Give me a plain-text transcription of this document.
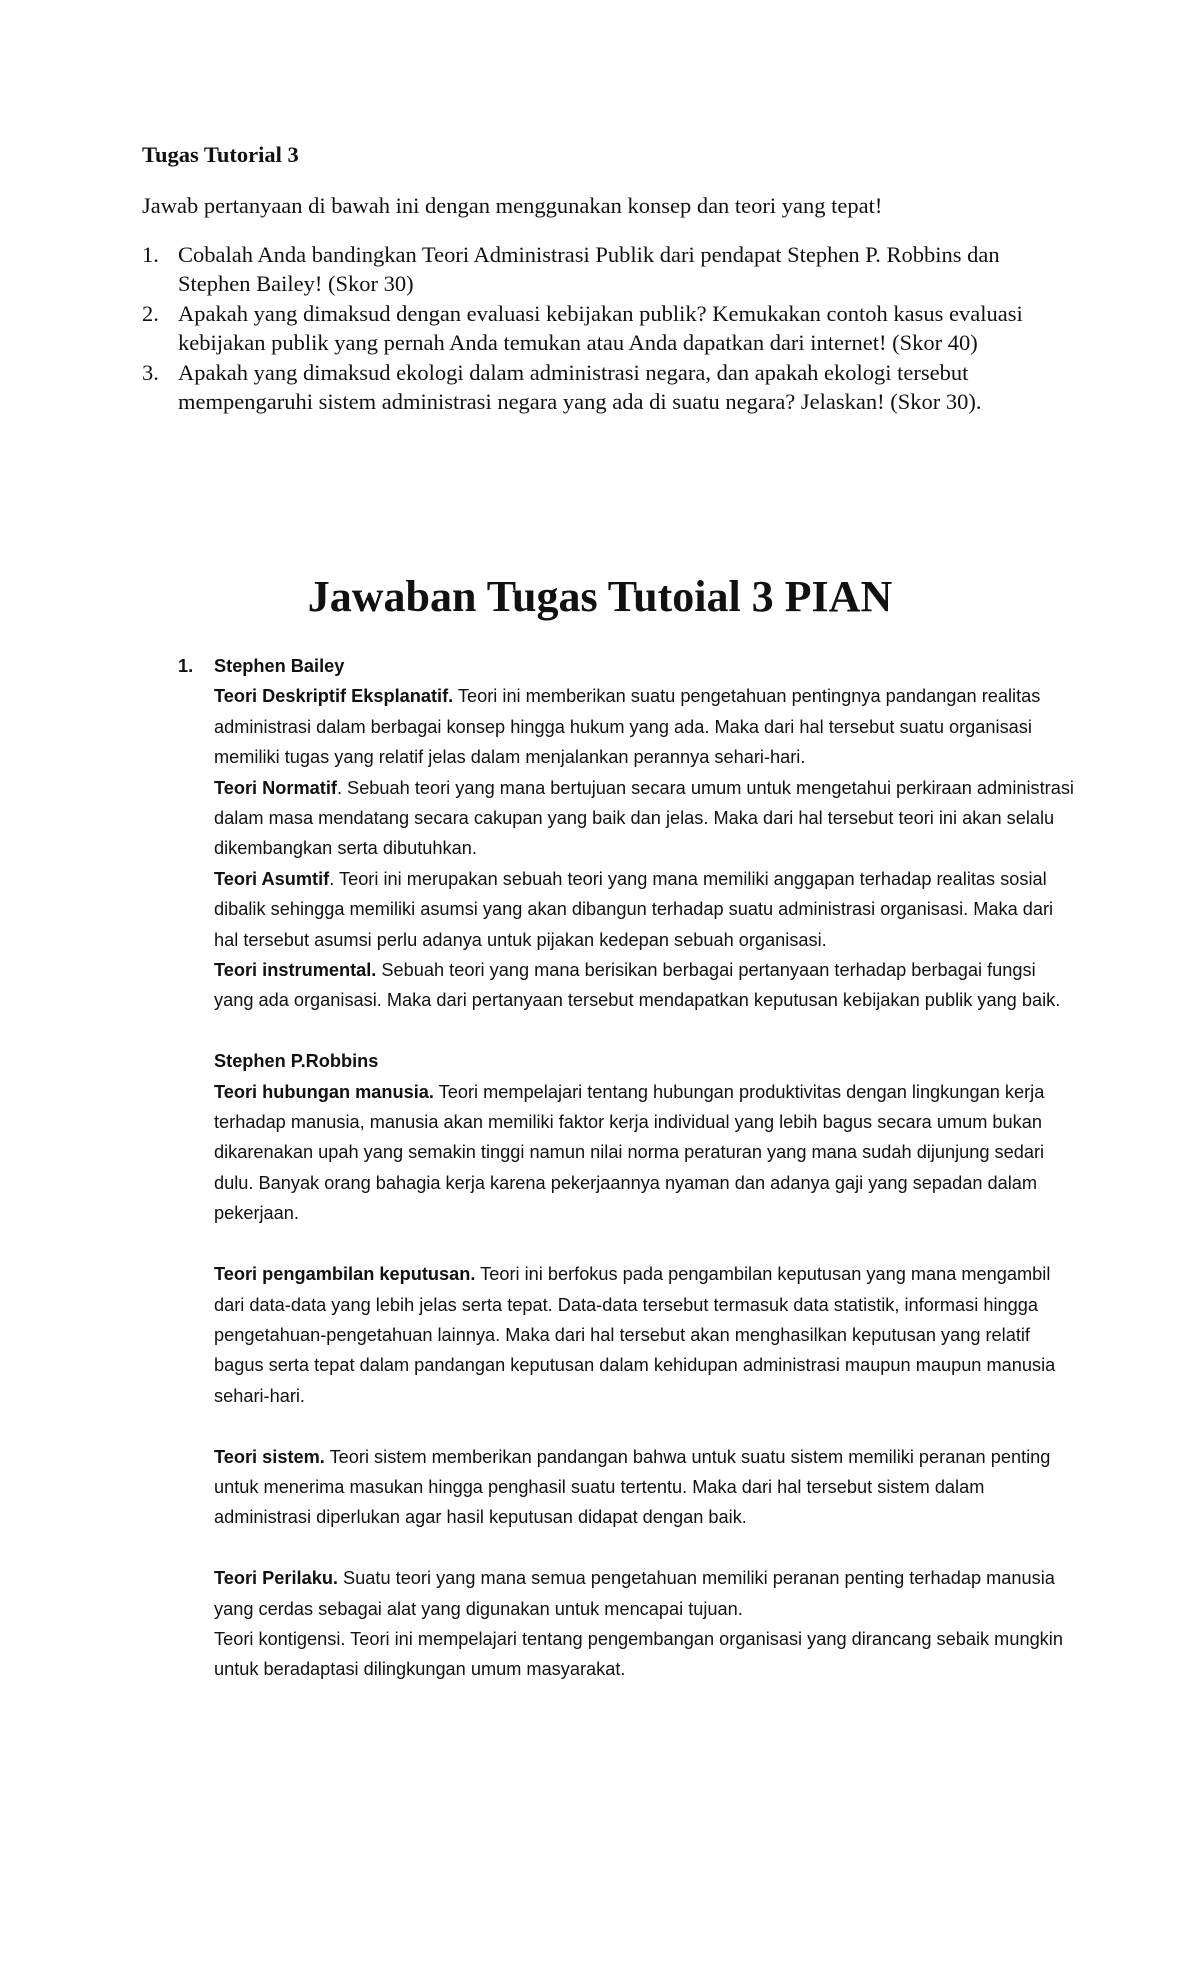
Tugas Tutorial 3

Jawab pertanyaan di bawah ini dengan menggunakan konsep dan teori yang tepat!

1. Cobalah Anda bandingkan Teori Administrasi Publik dari pendapat Stephen P. Robbins dan Stephen Bailey! (Skor 30)
2. Apakah yang dimaksud dengan evaluasi kebijakan publik? Kemukakan contoh kasus evaluasi kebijakan publik yang pernah Anda temukan atau Anda dapatkan dari internet! (Skor 40)
3. Apakah yang dimaksud ekologi dalam administrasi negara, dan apakah ekologi tersebut mempengaruhi sistem administrasi negara yang ada di suatu negara? Jelaskan! (Skor 30).
Jawaban Tugas Tutoial 3 PIAN
1.	Stephen Bailey

Teori Deskriptif Eksplanatif. Teori ini memberikan suatu pengetahuan pentingnya pandangan realitas administrasi dalam berbagai konsep hingga hukum yang ada. Maka dari hal tersebut suatu organisasi memiliki tugas yang relatif jelas dalam menjalankan perannya sehari-hari.

Teori Normatif. Sebuah teori yang mana bertujuan secara umum untuk mengetahui perkiraan administrasi dalam masa mendatang secara cakupan yang baik dan jelas. Maka dari hal tersebut teori ini akan selalu dikembangkan serta dibutuhkan.

Teori Asumtif. Teori ini merupakan sebuah teori yang mana memiliki anggapan terhadap realitas sosial dibalik sehingga memiliki asumsi yang akan dibangun terhadap suatu administrasi organisasi. Maka dari hal tersebut asumsi perlu adanya untuk pijakan kedepan sebuah organisasi.

Teori instrumental. Sebuah teori yang mana berisikan berbagai pertanyaan terhadap berbagai fungsi yang ada organisasi. Maka dari pertanyaan tersebut mendapatkan keputusan kebijakan publik yang baik.

Stephen P.Robbins

Teori hubungan manusia. Teori mempelajari tentang hubungan produktivitas dengan lingkungan kerja terhadap manusia, manusia akan memiliki faktor kerja individual yang lebih bagus secara umum bukan dikarenakan upah yang semakin tinggi namun nilai norma peraturan yang mana sudah dijunjung sedari dulu. Banyak orang bahagia kerja karena pekerjaannya nyaman dan adanya gaji yang sepadan dalam pekerjaan.

Teori pengambilan keputusan. Teori ini berfokus pada pengambilan keputusan yang mana mengambil dari data-data yang lebih jelas serta tepat. Data-data tersebut termasuk data statistik, informasi hingga pengetahuan-pengetahuan lainnya. Maka dari hal tersebut akan menghasilkan keputusan yang relatif bagus serta tepat dalam pandangan keputusan dalam kehidupan administrasi maupun maupun manusia sehari-hari.

Teori sistem. Teori sistem memberikan pandangan bahwa untuk suatu sistem memiliki peranan penting untuk menerima masukan hingga penghasil suatu tertentu. Maka dari hal tersebut sistem dalam administrasi diperlukan agar hasil keputusan didapat dengan baik.

Teori Perilaku. Suatu teori yang mana semua pengetahuan memiliki peranan penting terhadap manusia yang cerdas sebagai alat yang digunakan untuk mencapai tujuan.

Teori kontigensi. Teori ini mempelajari tentang pengembangan organisasi yang dirancang sebaik mungkin untuk beradaptasi dilingkungan umum masyarakat.
